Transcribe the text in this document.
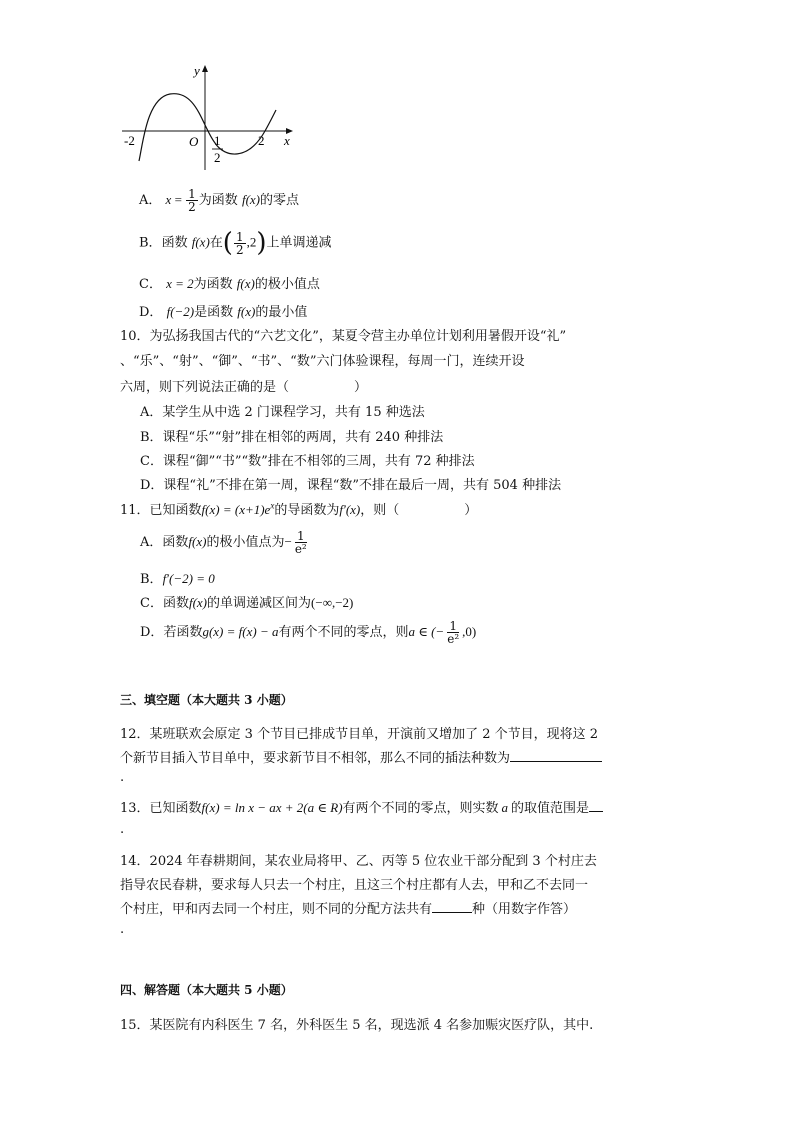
y
x
O
-2	2
1
2
A． $x = \frac{1}{2}$ 为函数 f(x)的零点
B．函数 f(x)在( $\frac{1}{2} ,2$)上单调递减
C． x = 2为函数 f(x)的极小值点
D． f(−2)是函数 f(x)的最小值
10．为弘扬我国古代的“六艺文化”，某夏令营主办单位计划利用暑假开设“礼”
、“乐”、“射”、“御”、“书”、“数”六门体验课程，每周一门，连续开设
六周，则下列说法正确的是（　　　　　）
A．某学生从中选 2 门课程学习，共有 15 种选法
B．课程“乐”“射”排在相邻的两周，共有 240 种排法
C．课程“御”“书”“数”排在不相邻的三周，共有 72 种排法
D．课程“礼”不排在第一周，课程“数”不排在最后一周，共有 504 种排法
11．已知函数$f(x) = (x+1)e^x$的导函数为f′(x)，则（　　　　　）
A．函数f(x)的极小值点为− $\frac{1}{\text{e²}}$
B．f′(−2) = 0
C．函数f(x)的单调递减区间为(−∞,−2)
D．若函数g(x) = f(x) − a有两个不同的零点，则a ∈ (− $\frac{1}{\text{e²}} ,0$)
三、填空题（本大题共 3 小题）
12．某班联欢会原定 3 个节目已排成节目单，开演前又增加了 2 个节目，现将这 2
个新节目插入节目单中，要求新节目不相邻，那么不同的插法种数为
.
13．已知函数f(x) = ln x − ax + 2(a ∈ R)有两个不同的零点，则实数 a 的取值范围是
.
14．2024 年春耕期间，某农业局将甲、乙、丙等 5 位农业干部分配到 3 个村庄去
指导农民春耕，要求每人只去一个村庄，且这三个村庄都有人去，甲和乙不去同一
个村庄，甲和丙去同一个村庄，则不同的分配方法共有	种（用数字作答）
.
四、解答题（本大题共 5 小题）
15．某医院有内科医生 7 名，外科医生 5 名，现选派 4 名参加赈灾医疗队，其中.
